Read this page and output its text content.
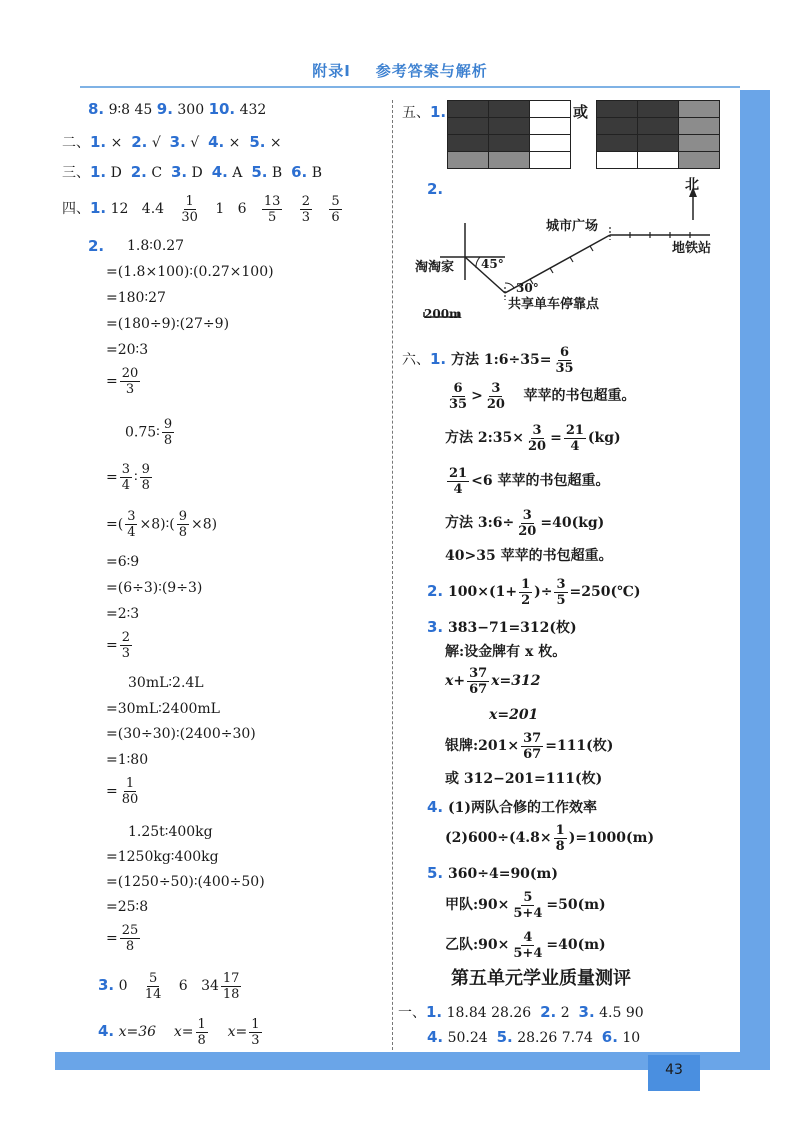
43
附录Ⅰ 参考答案与解析
8. 9∶8 45 9. 300 10. 432
二、1. × 2. √ 3. √ 4. × 5. ×
三、1. D 2. C 3. D 4. A 5. B 6. B
四、1. 12 $4.4 \frac{1}{30} 1$ $6 \frac{13}{5}$
$\frac{2}{3}$
$\frac{5}{6}$
2. 1.8∶0.27
=(1.8×100)∶(0.27×100)
=180∶27
=(180÷9)∶(27÷9)
=20∶3
= $\frac{20}{3}$
0.75∶ $\frac{9}{8}$
= $\frac{3}{4}$ ∶ $\frac{9}{8}$
=( $\frac{3}{4}$ ×8)∶( $\frac{9}{8} \times 8$)
=6∶9
=(6÷3)∶(9÷3)
=2∶3
= $\frac{2}{3}$
30mL∶2.4L
=30mL∶2400mL
=(30÷30)∶(2400÷30)
=1∶80
= $\frac{1}{80}$
1.25t∶400kg
=1250kg∶400kg
=(1250÷50)∶(400÷50)
=25∶8
= $\frac{25}{8}$
3. $0 \frac{5}{14} 6$ $34 \frac{17}{18}$
4. x=36 $x= \frac{1}{8} x= \frac{1}{3}$
五、1.

			或

2.	北
城市广场
地铁站
淘淘家 45°
30°
共享单车停靠点
200m
六、1. 方法 1:6÷35= $\frac{6}{35}$
$\frac{6}{35} > \frac{3}{20}$ 苹苹的书包超重。
方法 2:35× $\frac{3}{20} = \frac{21}{4} (kg)$
$\frac{21}{4} <6$ 苹苹的书包超重。
方法 3:6÷ $\frac{3}{20} =40(kg)$
40>35 苹苹的书包超重。
2. $100\times(1+ \frac{1}{2}$ )÷ $\frac{3}{5}$ =250(℃)
3. 383−71=312(枚)
解:设金牌有 x 枚。
$x+ \frac{37}{67} x=312$
x=201
银牌:201× $\frac{37}{67} =111$(枚)
或 312−201=111(枚)
4. (1)两队合修的工作效率
$(2)600\div(4.8\times \frac{1}{8} )=1000(m)$
5. 360÷4=90(m)
甲队:90× $\frac{5}{5+4} =50(m)$
乙队:90× $\frac{4}{5+4} =40(m)$
第五单元学业质量测评
一、1. 18.84 28.26 2. 2 3. 4.5 90
4. 50.24 5. 28.26 7.74 6. 10
